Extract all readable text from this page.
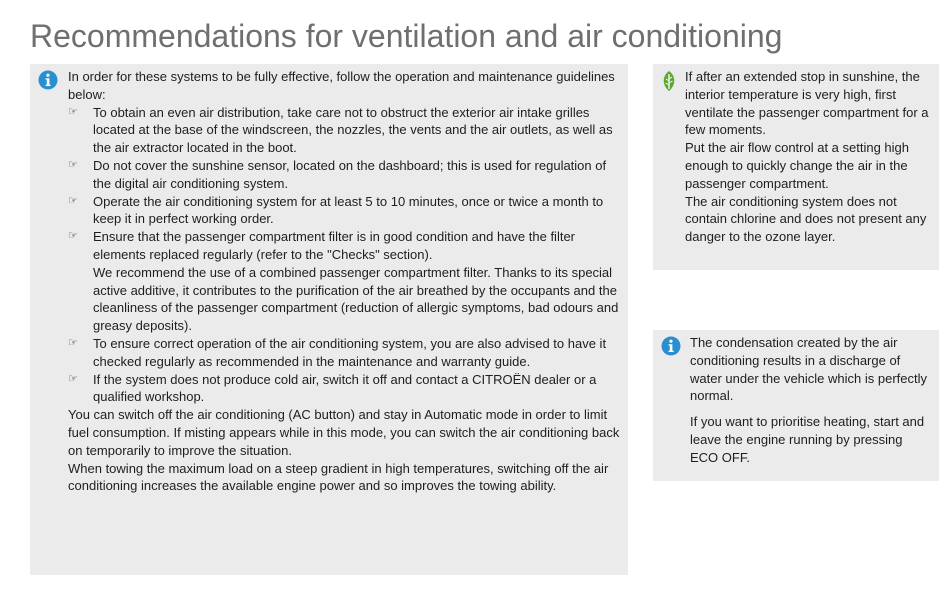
Recommendations for ventilation and air conditioning

In order for these systems to be fully effective, follow the operation and maintenance guidelines below:

☞	To obtain an even air distribution, take care not to obstruct the exterior air intake grilles located at the base of the windscreen, the nozzles, the vents and the air outlets, as well as the air extractor located in the boot.
☞	Do not cover the sunshine sensor, located on the dashboard; this is used for regulation of the digital air conditioning system.
☞	Operate the air conditioning system for at least 5 to 10 minutes, once or twice a month to keep it in perfect working order.
☞	Ensure that the passenger compartment filter is in good condition and have the filter elements replaced regularly (refer to the "Checks" section).
We recommend the use of a combined passenger compartment filter. Thanks to its special active additive, it contributes to the purification of the air breathed by the occupants and the cleanliness of the passenger compartment (reduction of allergic symptoms, bad odours and greasy deposits).
☞	To ensure correct operation of the air conditioning system, you are also advised to have it checked regularly as recommended in the maintenance and warranty guide.
☞	If the system does not produce cold air, switch it off and contact a CITROËN dealer or a qualified workshop.

You can switch off the air conditioning (AC button) and stay in Automatic mode in order to limit fuel consumption. If misting appears while in this mode, you can switch the air conditioning back on temporarily to improve the situation.

When towing the maximum load on a steep gradient in high temperatures, switching off the air conditioning increases the available engine power and so improves the towing ability.

If after an extended stop in sunshine, the interior temperature is very high, first ventilate the passenger compartment for a few moments.

Put the air flow control at a setting high enough to quickly change the air in the passenger compartment.

The air conditioning system does not contain chlorine and does not present any danger to the ozone layer.

The condensation created by the air conditioning results in a discharge of water under the vehicle which is perfectly normal.

If you want to prioritise heating, start and leave the engine running by pressing ECO OFF.
